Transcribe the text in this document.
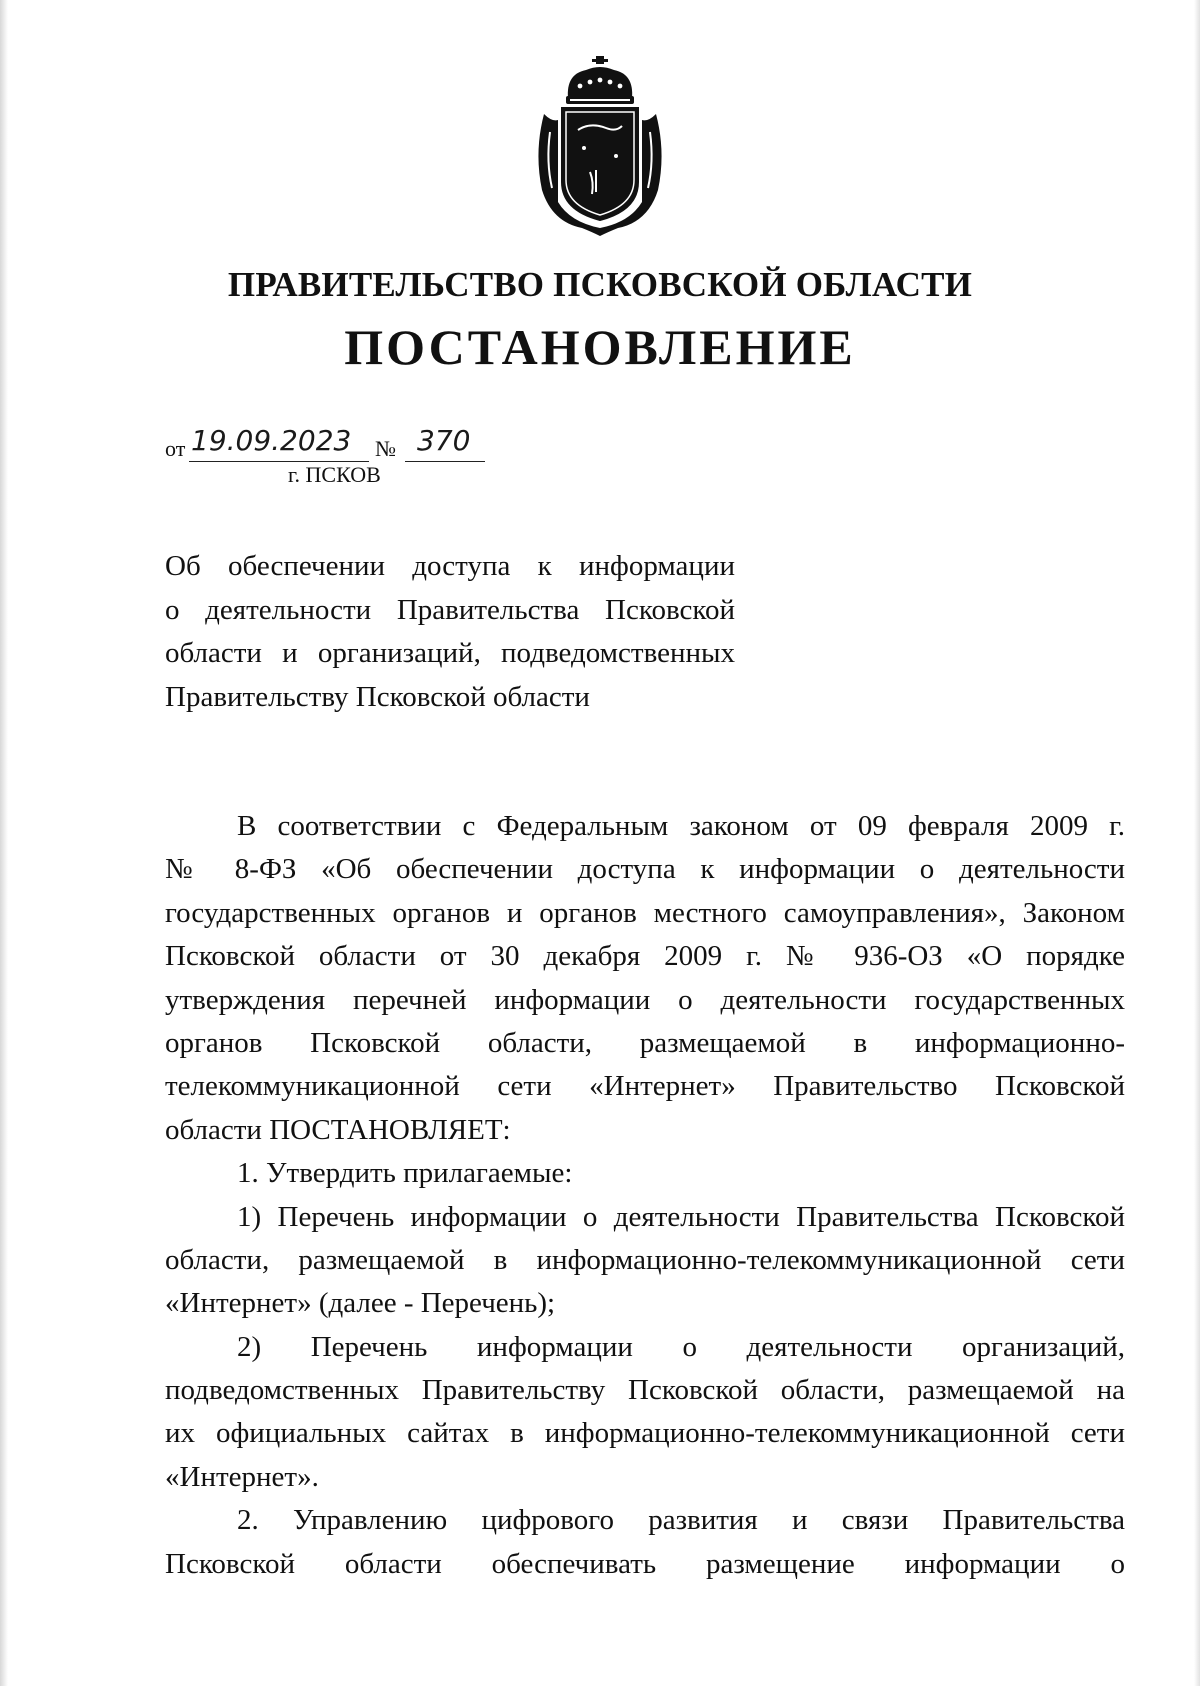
ПРАВИТЕЛЬСТВО ПСКОВСКОЙ ОБЛАСТИ
ПОСТАНОВЛЕНИЕ
от 19.09.2023 № 370
г. ПСКОВ
Об обеспечении доступа к информации
о деятельности Правительства Псковской
области и организаций, подведомственных
Правительству Псковской области
В соответствии с Федеральным законом от 09 февраля 2009 г.
№ 8-ФЗ «Об обеспечении доступа к информации о деятельности
государственных органов и органов местного самоуправления», Законом
Псковской области от 30 декабря 2009 г. № 936-ОЗ «О порядке
утверждения перечней информации о деятельности государственных
органов Псковской области, размещаемой в информационно-
телекоммуникационной сети «Интернет» Правительство Псковской
области ПОСТАНОВЛЯЕТ:
1. Утвердить прилагаемые:
1) Перечень информации о деятельности Правительства Псковской
области, размещаемой в информационно-телекоммуникационной сети
«Интернет» (далее - Перечень);
2) Перечень информации о деятельности организаций,
подведомственных Правительству Псковской области, размещаемой на
их официальных сайтах в информационно-телекоммуникационной сети
«Интернет».
2. Управлению цифрового развития и связи Правительства
Псковской области обеспечивать размещение информации о
